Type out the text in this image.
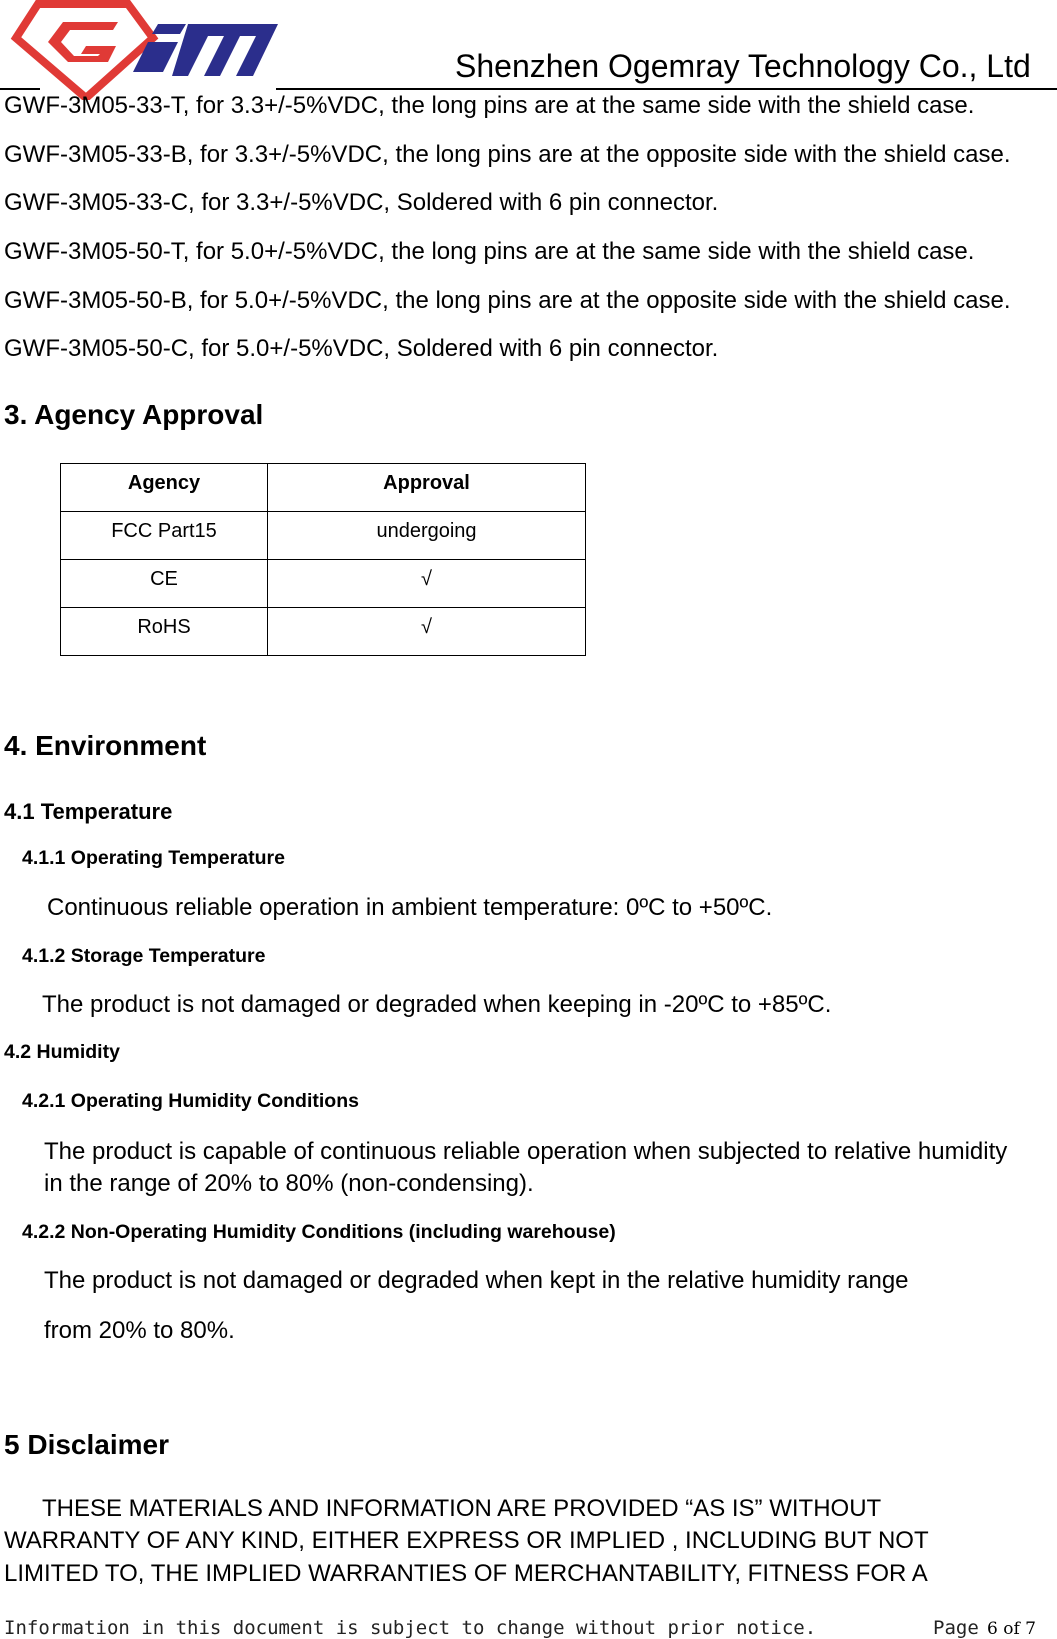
Shenzhen Ogemray Technology Co., Ltd
GWF-3M05-33-T, for 3.3+/-5%VDC, the long pins are at the same side with the shield case.
GWF-3M05-33-B, for 3.3+/-5%VDC, the long pins are at the opposite side with the shield case.
GWF-3M05-33-C, for 3.3+/-5%VDC, Soldered with 6 pin connector.
GWF-3M05-50-T, for 5.0+/-5%VDC, the long pins are at the same side with the shield case.
GWF-3M05-50-B, for 5.0+/-5%VDC, the long pins are at the opposite side with the shield case.
GWF-3M05-50-C, for 5.0+/-5%VDC, Soldered with 6 pin connector.
3. Agency Approval
Agency	Approval
FCC Part15	undergoing
CE	√
RoHS	√
4. Environment
4.1 Temperature
4.1.1 Operating Temperature
Continuous reliable operation in ambient temperature: 0ºC to +50ºC.
4.1.2 Storage Temperature
The product is not damaged or degraded when keeping in -20ºC to +85ºC.
4.2 Humidity
4.2.1 Operating Humidity Conditions
The product is capable of continuous reliable operation when subjected to relative humidity
in the range of 20% to 80% (non-condensing).
4.2.2 Non-Operating Humidity Conditions (including warehouse)
The product is not damaged or degraded when kept in the relative humidity range
from 20% to 80%.
5 Disclaimer
THESE MATERIALS AND INFORMATION ARE PROVIDED “AS IS” WITHOUT
WARRANTY OF ANY KIND, EITHER EXPRESS OR IMPLIED , INCLUDING BUT NOT
LIMITED TO, THE IMPLIED WARRANTIES OF MERCHANTABILITY, FITNESS FOR A
Information in this document is subject to change without prior notice.	Page 6 of 7
